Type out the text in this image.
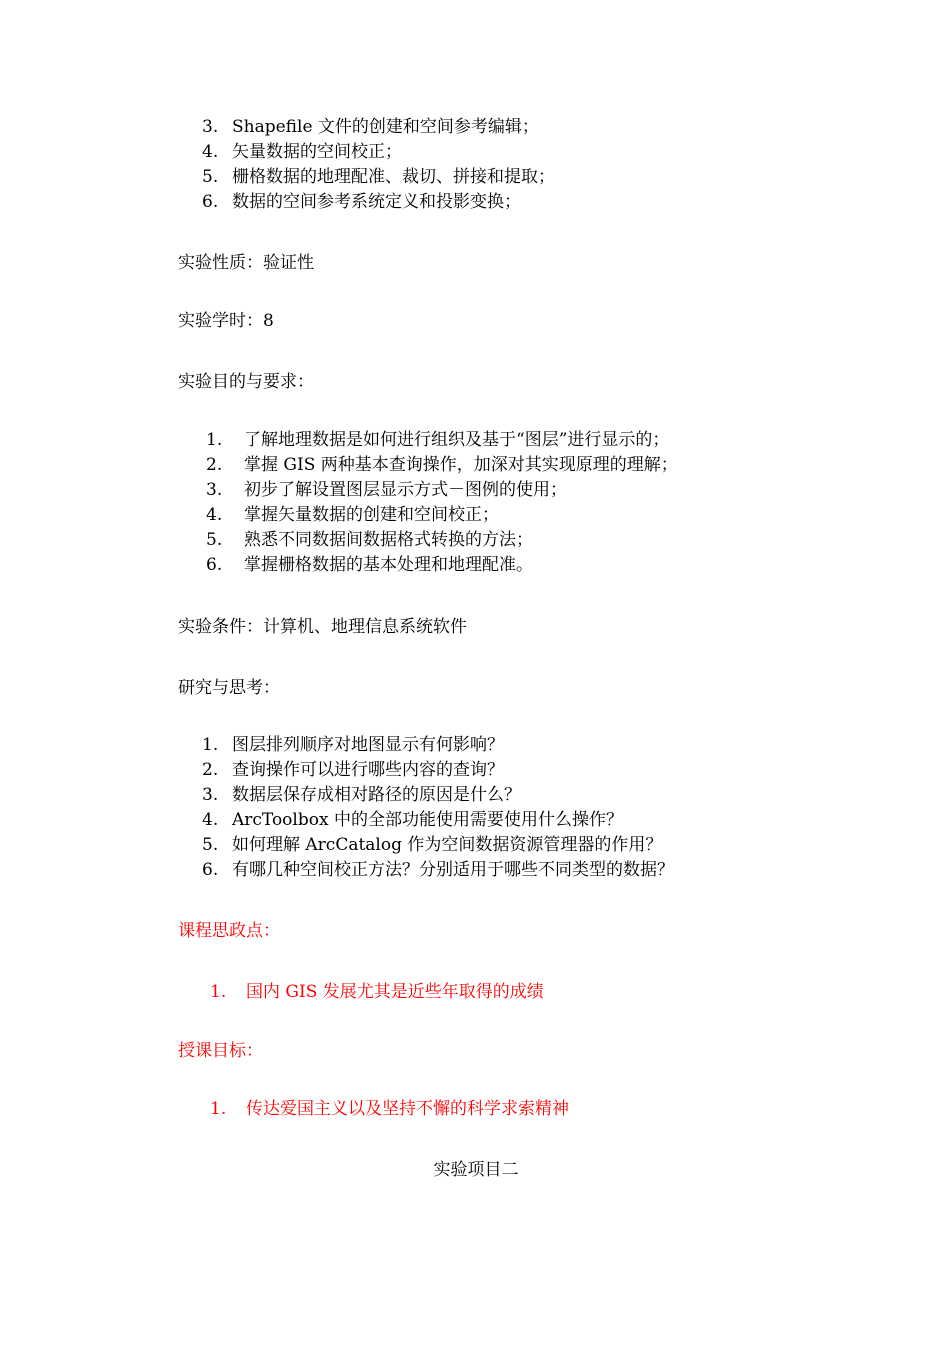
3. Shapefile 文件的创建和空间参考编辑；
4. 矢量数据的空间校正；
5. 栅格数据的地理配准、裁切、拼接和提取；
6. 数据的空间参考系统定义和投影变换；
实验性质：验证性
实验学时：8
实验目的与要求：
1. 了解地理数据是如何进行组织及基于“图层”进行显示的；
2. 掌握 GIS 两种基本查询操作，加深对其实现原理的理解；
3. 初步了解设置图层显示方式－图例的使用；
4. 掌握矢量数据的创建和空间校正；
5. 熟悉不同数据间数据格式转换的方法；
6. 掌握栅格数据的基本处理和地理配准。
实验条件：计算机、地理信息系统软件
研究与思考：
1. 图层排列顺序对地图显示有何影响？
2. 查询操作可以进行哪些内容的查询？
3. 数据层保存成相对路径的原因是什么？
4. ArcToolbox 中的全部功能使用需要使用什么操作？
5. 如何理解 ArcCatalog 作为空间数据资源管理器的作用？
6. 有哪几种空间校正方法？分别适用于哪些不同类型的数据？
课程思政点：
1. 国内 GIS 发展尤其是近些年取得的成绩
授课目标：
1. 传达爱国主义以及坚持不懈的科学求索精神
实验项目二
